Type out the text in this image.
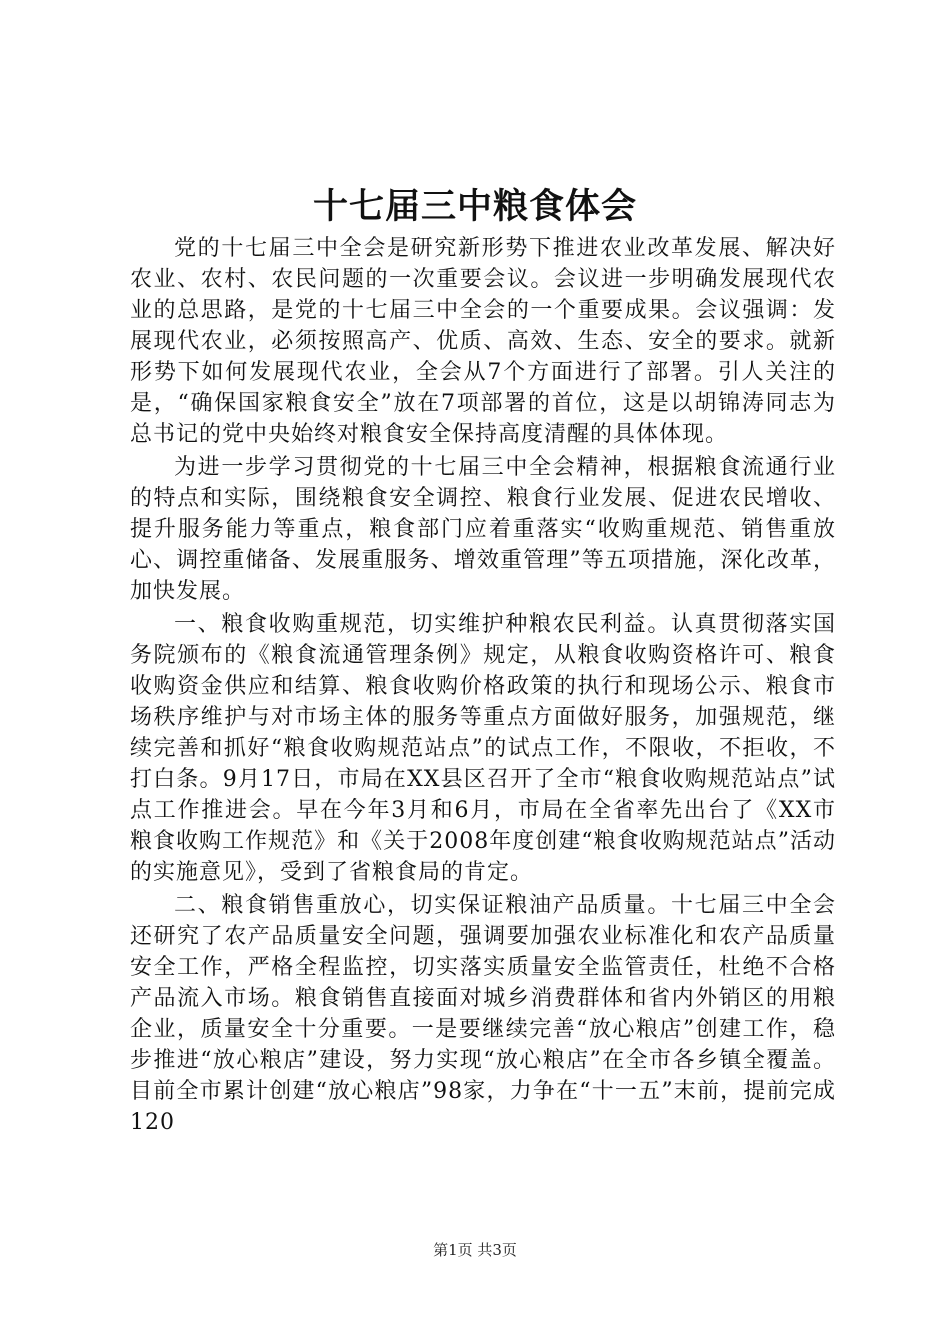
十七届三中粮食体会

党的十七届三中全会是研究新形势下推进农业改革发展、解决好农业、农村、农民问题的一次重要会议。会议进一步明确发展现代农业的总思路，是党的十七届三中全会的一个重要成果。会议强调：发展现代农业，必须按照高产、优质、高效、生态、安全的要求。就新形势下如何发展现代农业，全会从7个方面进行了部署。引人关注的是，“确保国家粮食安全”放在7项部署的首位，这是以胡锦涛同志为总书记的党中央始终对粮食安全保持高度清醒的具体体现。

为进一步学习贯彻党的十七届三中全会精神，根据粮食流通行业的特点和实际，围绕粮食安全调控、粮食行业发展、促进农民增收、提升服务能力等重点，粮食部门应着重落实“收购重规范、销售重放心、调控重储备、发展重服务、增效重管理”等五项措施，深化改革，加快发展。

一、粮食收购重规范，切实维护种粮农民利益。认真贯彻落实国务院颁布的《粮食流通管理条例》规定，从粮食收购资格许可、粮食收购资金供应和结算、粮食收购价格政策的执行和现场公示、粮食市场秩序维护与对市场主体的服务等重点方面做好服务，加强规范，继续完善和抓好“粮食收购规范站点”的试点工作，不限收，不拒收，不打白条。9月17日，市局在XX县区召开了全市“粮食收购规范站点”试点工作推进会。早在今年3月和6月，市局在全省率先出台了《XX市粮食收购工作规范》和《关于2008年度创建“粮食收购规范站点”活动的实施意见》，受到了省粮食局的肯定。

二、粮食销售重放心，切实保证粮油产品质量。十七届三中全会还研究了农产品质量安全问题，强调要加强农业标准化和农产品质量安全工作，严格全程监控，切实落实质量安全监管责任，杜绝不合格产品流入市场。粮食销售直接面对城乡消费群体和省内外销区的用粮企业，质量安全十分重要。一是要继续完善“放心粮店”创建工作，稳步推进“放心粮店”建设，努力实现“放心粮店”在全市各乡镇全覆盖。目前全市累计创建“放心粮店”98家，力争在“十一五”末前，提前完成120

第1页 共3页
